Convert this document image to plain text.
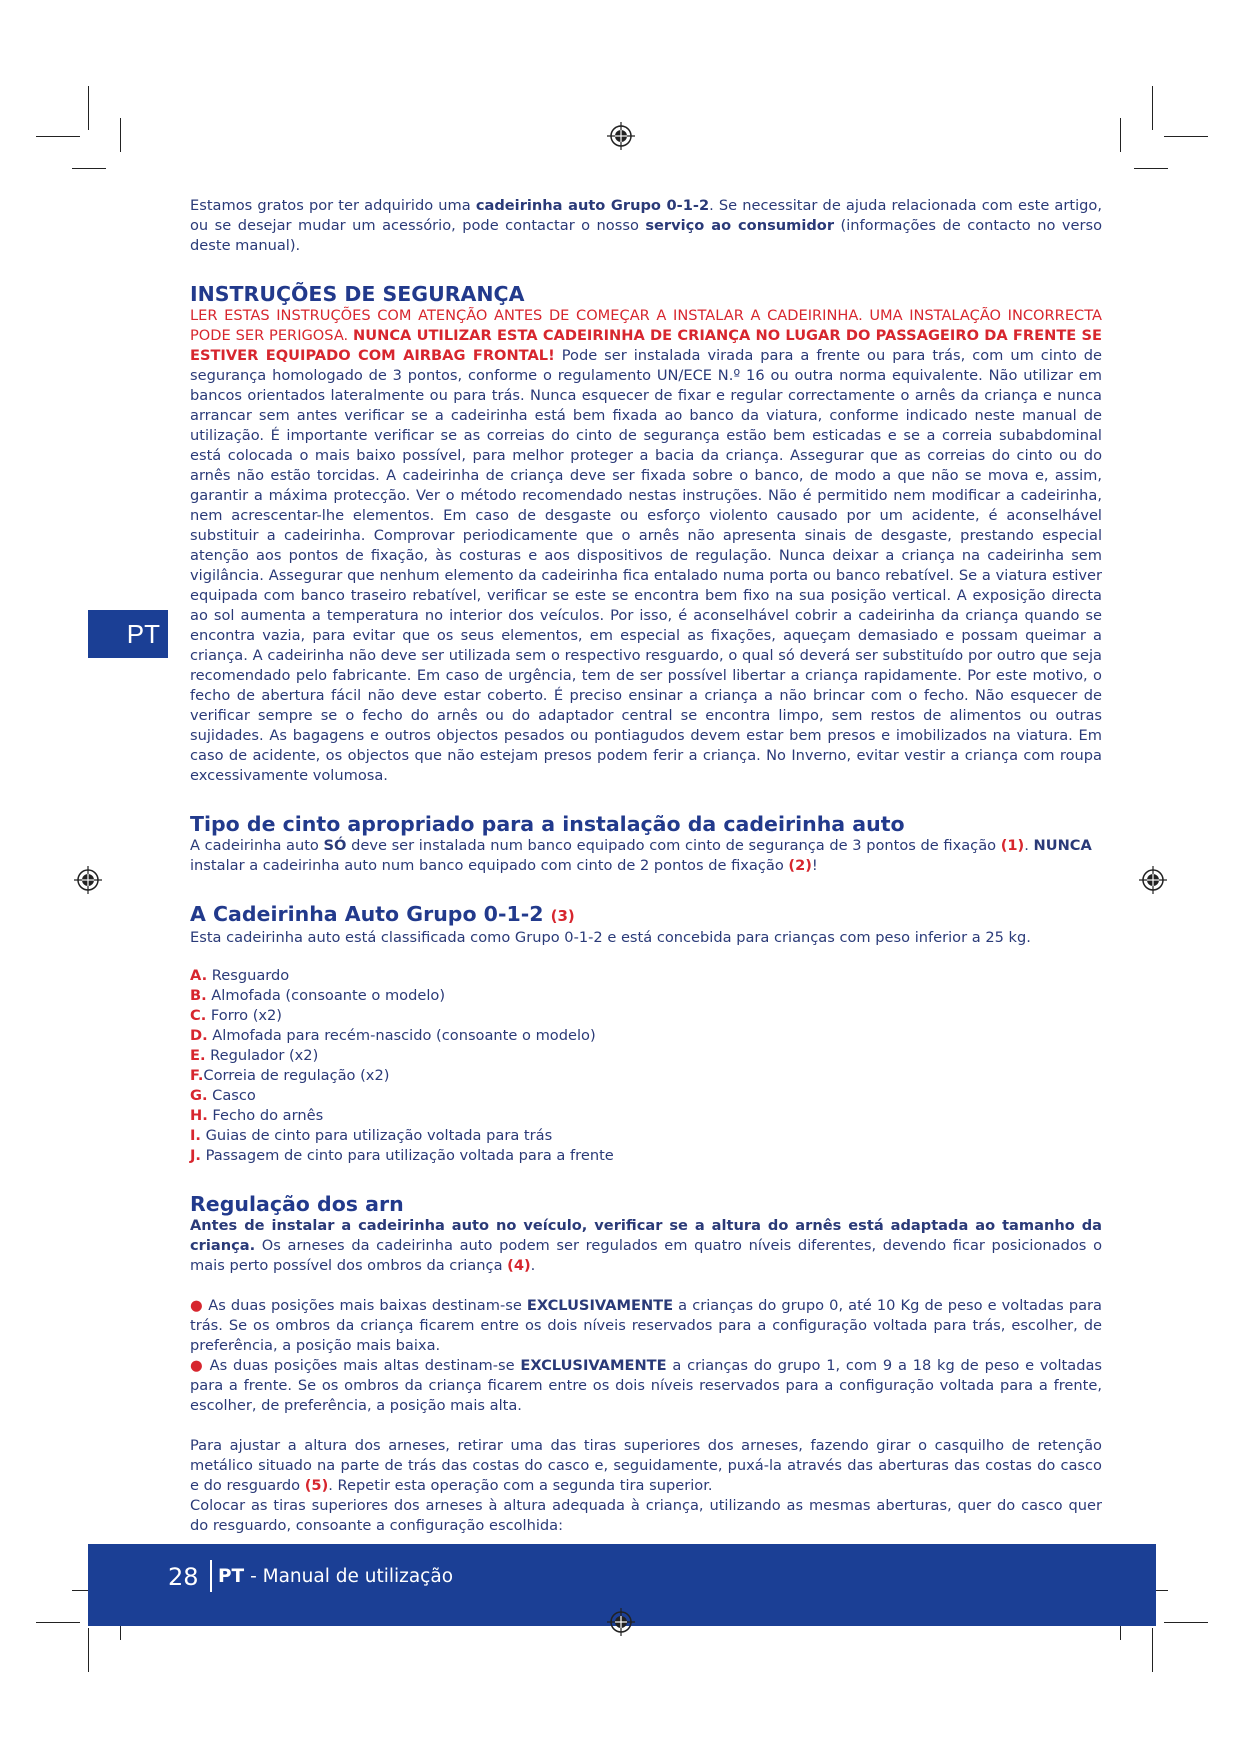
PT

Estamos gratos por ter adquirido uma cadeirinha auto Grupo 0-1-2. Se necessitar de ajuda relacionada com este artigo, ou se desejar mudar um acessório, pode contactar o nosso serviço ao consumidor (informações de contacto no verso deste manual).

INSTRUÇÕES DE SEGURANÇA

LER ESTAS INSTRUÇÕES COM ATENÇÃO ANTES DE COMEÇAR A INSTALAR A CADEIRINHA. UMA INSTALAÇÃO INCORRECTA PODE SER PERIGOSA. NUNCA UTILIZAR ESTA CADEIRINHA DE CRIANÇA NO LUGAR DO PASSAGEIRO DA FRENTE SE ESTIVER EQUIPADO COM AIRBAG FRONTAL! Pode ser instalada virada para a frente ou para trás, com um cinto de segurança homologado de 3 pontos, conforme o regulamento UN/ECE N.º 16 ou outra norma equivalente. Não utilizar em bancos orientados lateralmente ou para trás. Nunca esquecer de fixar e regular correctamente o arnês da criança e nunca arrancar sem antes verificar se a cadeirinha está bem fixada ao banco da viatura, conforme indicado neste manual de utilização. É importante verificar se as correias do cinto de segurança estão bem esticadas e se a correia subabdominal está colocada o mais baixo possível, para melhor proteger a bacia da criança. Assegurar que as correias do cinto ou do arnês não estão torcidas. A cadeirinha de criança deve ser fixada sobre o banco, de modo a que não se mova e, assim, garantir a máxima protecção. Ver o método recomendado nestas instruções. Não é permitido nem modificar a cadeirinha, nem acrescentar-lhe elementos. Em caso de desgaste ou esforço violento causado por um acidente, é aconselhável substituir a cadeirinha. Comprovar periodicamente que o arnês não apresenta sinais de desgaste, prestando especial atenção aos pontos de fixação, às costuras e aos dispositivos de regulação. Nunca deixar a criança na cadeirinha sem vigilância. Assegurar que nenhum elemento da cadeirinha fica entalado numa porta ou banco rebatível. Se a viatura estiver equipada com banco traseiro rebatível, verificar se este se encontra bem fixo na sua posição vertical. A exposição directa ao sol aumenta a temperatura no interior dos veículos. Por isso, é aconselhável cobrir a cadeirinha da criança quando se encontra vazia, para evitar que os seus elementos, em especial as fixações, aqueçam demasiado e possam queimar a criança. A cadeirinha não deve ser utilizada sem o respectivo resguardo, o qual só deverá ser substituído por outro que seja recomendado pelo fabricante. Em caso de urgência, tem de ser possível libertar a criança rapidamente. Por este motivo, o fecho de abertura fácil não deve estar coberto. É preciso ensinar a criança a não brincar com o fecho. Não esquecer de verificar sempre se o fecho do arnês ou do adaptador central se encontra limpo, sem restos de alimentos ou outras sujidades. As bagagens e outros objectos pesados ou pontiagudos devem estar bem presos e imobilizados na viatura. Em caso de acidente, os objectos que não estejam presos podem ferir a criança. No Inverno, evitar vestir a criança com roupa excessivamente volumosa.

Tipo de cinto apropriado para a instalação da cadeirinha auto

A cadeirinha auto SÓ deve ser instalada num banco equipado com cinto de segurança de 3 pontos de fixação (1). NUNCA instalar a cadeirinha auto num banco equipado com cinto de 2 pontos de fixação (2)!

A Cadeirinha Auto Grupo 0-1-2 (3)

Esta cadeirinha auto está classificada como Grupo 0-1-2 e está concebida para crianças com peso inferior a 25 kg.

A. Resguardo

B. Almofada (consoante o modelo)

C. Forro (x2)

D. Almofada para recém-nascido (consoante o modelo)

E. Regulador (x2)

F.Correia de regulação (x2)

G. Casco

H. Fecho do arnês

I. Guias de cinto para utilização voltada para trás

J. Passagem de cinto para utilização voltada para a frente

Regulação dos arn

Antes de instalar a cadeirinha auto no veículo, verificar se a altura do arnês está adaptada ao tamanho da criança. Os arneses da cadeirinha auto podem ser regulados em quatro níveis diferentes, devendo ficar posicionados o mais perto possível dos ombros da criança (4).

● As duas posições mais baixas destinam-se EXCLUSIVAMENTE a crianças do grupo 0, até 10 Kg de peso e voltadas para trás. Se os ombros da criança ficarem entre os dois níveis reservados para a configuração voltada para trás, escolher, de preferência, a posição mais baixa.

● As duas posições mais altas destinam-se EXCLUSIVAMENTE a crianças do grupo 1, com 9 a 18 kg de peso e voltadas para a frente. Se os ombros da criança ficarem entre os dois níveis reservados para a configuração voltada para a frente, escolher, de preferência, a posição mais alta.

Para ajustar a altura dos arneses, retirar uma das tiras superiores dos arneses, fazendo girar o casquilho de retenção metálico situado na parte de trás das costas do casco e, seguidamente, puxá-la através das aberturas das costas do casco e do resguardo (5). Repetir esta operação com a segunda tira superior.

Colocar as tiras superiores dos arneses à altura adequada à criança, utilizando as mesmas aberturas, quer do casco quer do resguardo, consoante a configuração escolhida:

28 PT - Manual de utilização
